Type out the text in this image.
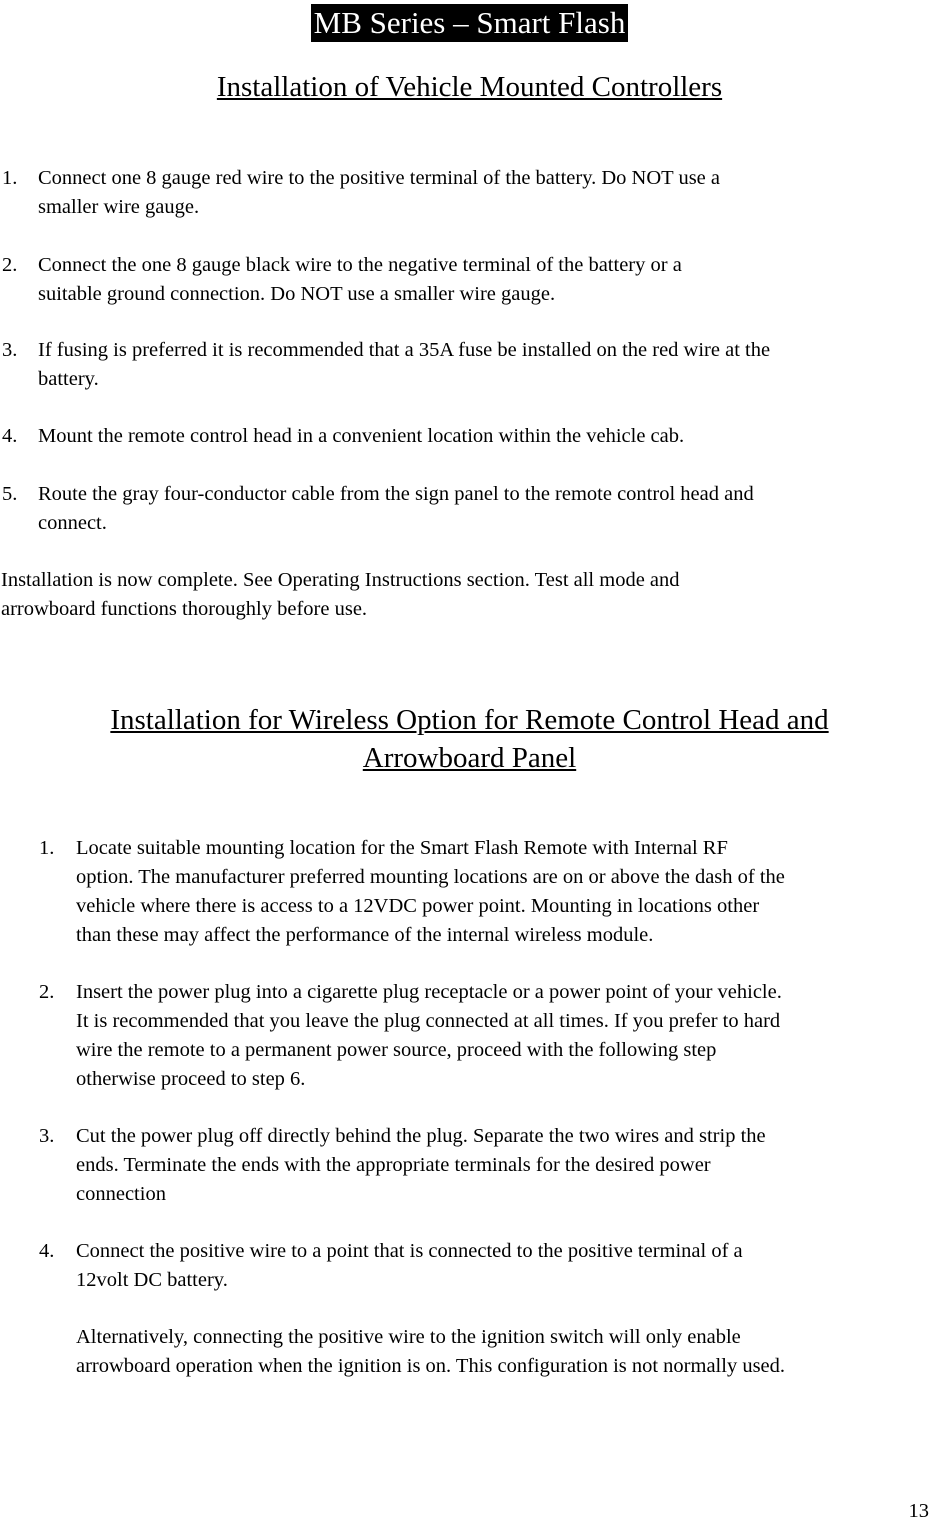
MB Series – Smart Flash
Installation of Vehicle Mounted Controllers
1. Connect one 8 gauge red wire to the positive terminal of the battery. Do NOT use a
smaller wire gauge.
2. Connect the one 8 gauge black wire to the negative terminal of the battery or a
suitable ground connection. Do NOT use a smaller wire gauge.
3. If fusing is preferred it is recommended that a 35A fuse be installed on the red wire at the
battery.
4. Mount the remote control head in a convenient location within the vehicle cab.
5. Route the gray four-conductor cable from the sign panel to the remote control head and
connect.
Installation is now complete. See Operating Instructions section. Test all mode and
arrowboard functions thoroughly before use.
Installation for Wireless Option for Remote Control Head and
Arrowboard Panel
1. Locate suitable mounting location for the Smart Flash Remote with Internal RF
option. The manufacturer preferred mounting locations are on or above the dash of the
vehicle where there is access to a 12VDC power point. Mounting in locations other
than these may affect the performance of the internal wireless module.
2. Insert the power plug into a cigarette plug receptacle or a power point of your vehicle.
It is recommended that you leave the plug connected at all times. If you prefer to hard
wire the remote to a permanent power source, proceed with the following step
otherwise proceed to step 6.
3. Cut the power plug off directly behind the plug. Separate the two wires and strip the
ends. Terminate the ends with the appropriate terminals for the desired power
connection
4. Connect the positive wire to a point that is connected to the positive terminal of a
12volt DC battery.
Alternatively, connecting the positive wire to the ignition switch will only enable
arrowboard operation when the ignition is on. This configuration is not normally used.
13
